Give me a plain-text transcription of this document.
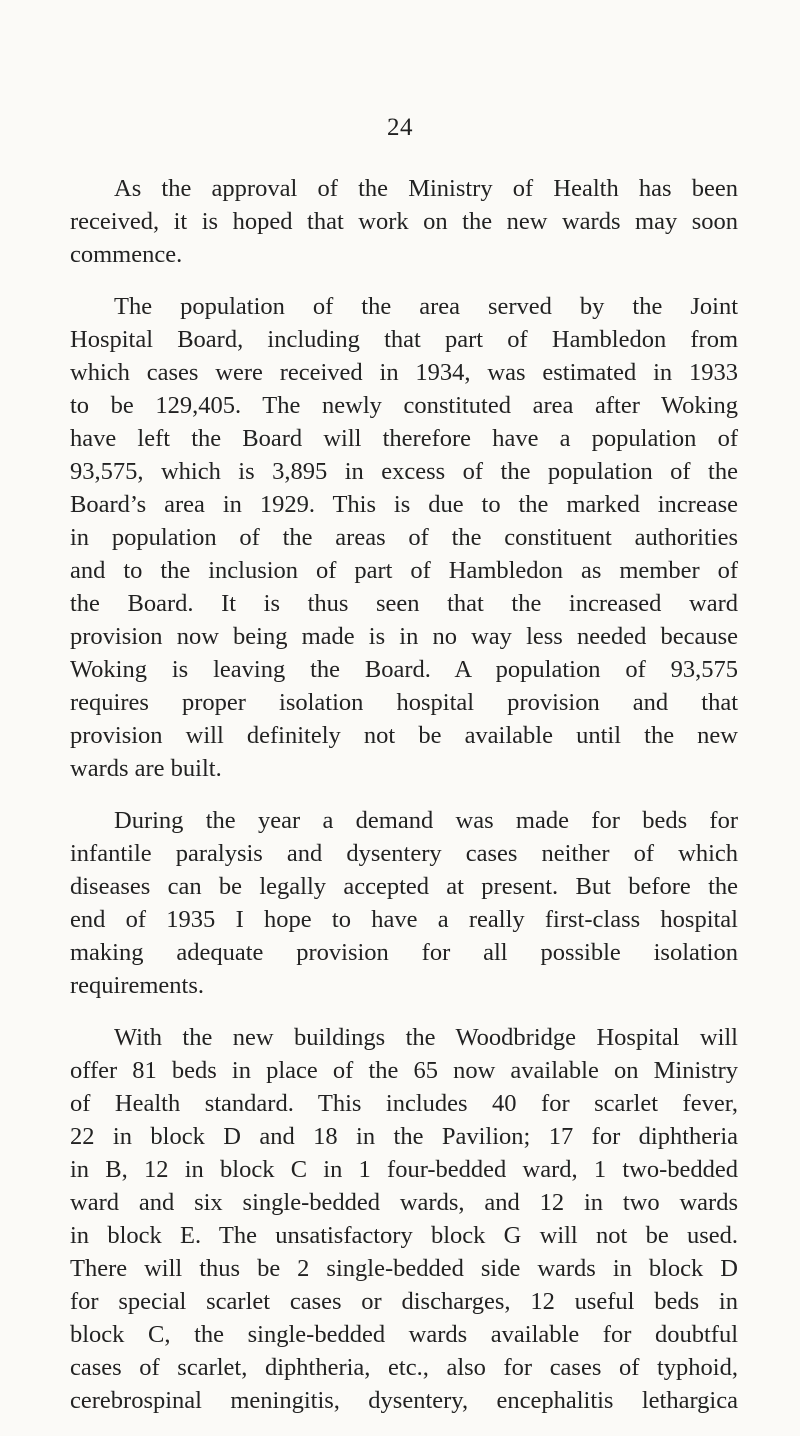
24
As the approval of the Ministry of Health has been
received, it is hoped that work on the new wards may soon
commence.
The population of the area served by the Joint
Hospital Board, including that part of Hambledon from
which cases were received in 1934, was estimated in 1933
to be 129,405. The newly constituted area after Woking
have left the Board will therefore have a population of
93,575, which is 3,895 in excess of the population of the
Board’s area in 1929. This is due to the marked increase
in population of the areas of the constituent authorities
and to the inclusion of part of Hambledon as member of
the Board. It is thus seen that the increased ward
provision now being made is in no way less needed because
Woking is leaving the Board. A population of 93,575
requires proper isolation hospital provision and that
provision will definitely not be available until the new
wards are built.
During the year a demand was made for beds for
infantile paralysis and dysentery cases neither of which
diseases can be legally accepted at present. But before the
end of 1935 I hope to have a really first-class hospital
making adequate provision for all possible isolation
requirements.
With the new buildings the Woodbridge Hospital will
offer 81 beds in place of the 65 now available on Ministry
of Health standard. This includes 40 for scarlet fever,
22 in block D and 18 in the Pavilion; 17 for diphtheria
in B, 12 in block C in 1 four-bedded ward, 1 two-bedded
ward and six single-bedded wards, and 12 in two wards
in block E. The unsatisfactory block G will not be used.
There will thus be 2 single-bedded side wards in block D
for special scarlet cases or discharges, 12 useful beds in
block C, the single-bedded wards available for doubtful
cases of scarlet, diphtheria, etc., also for cases of typhoid,
cerebrospinal meningitis, dysentery, encephalitis lethargica
